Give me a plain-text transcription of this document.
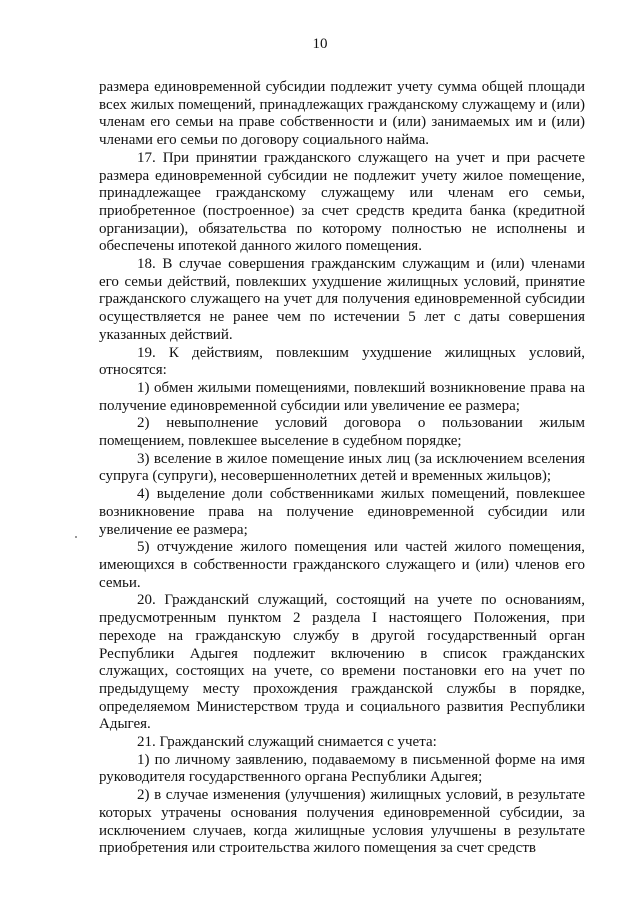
10

размера единовременной субсидии подлежит учету сумма общей площади всех жилых помещений, принадлежащих гражданскому служащему и (или) членам его семьи на праве собственности и (или) занимаемых им и (или) членами его семьи по договору социального найма.

17. При принятии гражданского служащего на учет и при расчете размера единовременной субсидии не подлежит учету жилое помещение, принадлежащее гражданскому служащему или членам его семьи, приобретенное (построенное) за счет средств кредита банка (кредитной организации), обязательства по которому полностью не исполнены и обеспечены ипотекой данного жилого помещения.

18. В случае совершения гражданским служащим и (или) членами его семьи действий, повлекших ухудшение жилищных условий, принятие гражданского служащего на учет для получения единовременной субсидии осуществляется не ранее чем по истечении 5 лет с даты совершения указанных действий.

19. К действиям, повлекшим ухудшение жилищных условий, относятся:

1) обмен жилыми помещениями, повлекший возникновение права на получение единовременной субсидии или увеличение ее размера;

2) невыполнение условий договора о пользовании жилым помещением, повлекшее выселение в судебном порядке;

3) вселение в жилое помещение иных лиц (за исключением вселения супруга (супруги), несовершеннолетних детей и временных жильцов);

4) выделение доли собственниками жилых помещений, повлекшее возникновение права на получение единовременной субсидии или увеличение ее размера;

5) отчуждение жилого помещения или частей жилого помещения, имеющихся в собственности гражданского служащего и (или) членов его семьи.

20. Гражданский служащий, состоящий на учете по основаниям, предусмотренным пунктом 2 раздела I настоящего Положения, при переходе на гражданскую службу в другой государственный орган Республики Адыгея подлежит включению в список гражданских служащих, состоящих на учете, со времени постановки его на учет по предыдущему месту прохождения гражданской службы в порядке, определяемом Министерством труда и социального развития Республики Адыгея.

21. Гражданский служащий снимается с учета:

1) по личному заявлению, подаваемому в письменной форме на имя руководителя государственного органа Республики Адыгея;

2) в случае изменения (улучшения) жилищных условий, в результате которых утрачены основания получения единовременной субсидии, за исключением случаев, когда жилищные условия улучшены в результате приобретения или строительства жилого помещения за счет средств
